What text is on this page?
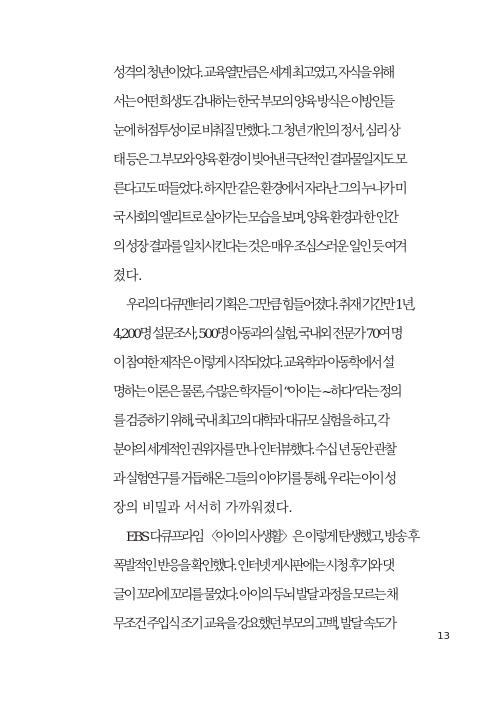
성격의 청년이었다. 교육열만큼은 세계 최고였고, 자식을 위해
서는 어떤 희생도 감내하는 한국 부모의 양육 방식은 이방인들
눈에 허점투성이로 비춰질 만했다. 그 청년 개인의 정서, 심리 상
태 등은 그 부모와 양육 환경이 빚어낸 극단적인 결과물일지도 모
른다고도 떠들었다. 하지만 같은 환경에서 자라난 그의 누나가 미
국 사회의 엘리트로 살아가는 모습을 보며, 양육 환경과 한 인간
의 성장 결과를 일치시킨다는 것은 매우 조심스러운 일인 듯 여겨
졌다.
우리의 다큐멘터리 기획은 그만큼 힘들어졌다. 취재 기간만 1년,
4,200명 설문조사, 500명 아동과의 실험, 국내외 전문가 70여 명
이 참여한 제작은 이렇게 시작되었다. 교육학과 아동학에서 설
명하는 이론은 물론, 수많은 학자들이 “아이는 ~하다”라는 정의
를 검증하기 위해, 국내 최고의 대학과 대규모 실험을 하고, 각
분야의 세계적인 권위자를 만나 인터뷰했다. 수십 년 동안 관찰
과 실험연구를 거듭해온 그들의 이야기를 통해, 우리는 아이 성
장의 비밀과 서서히 가까워졌다.
EBS 다큐프라임 〈아이의 사생활〉은 이렇게 탄생했고, 방송 후
폭발적인 반응을 확인했다. 인터넷 게시판에는 시청 후기와 댓
글이 꼬리에 꼬리를 물었다. 아이의 두뇌 발달 과정을 모르는 채
무조건 주입식 조기 교육을 강요했던 부모의 고백, 발달 속도가
13
